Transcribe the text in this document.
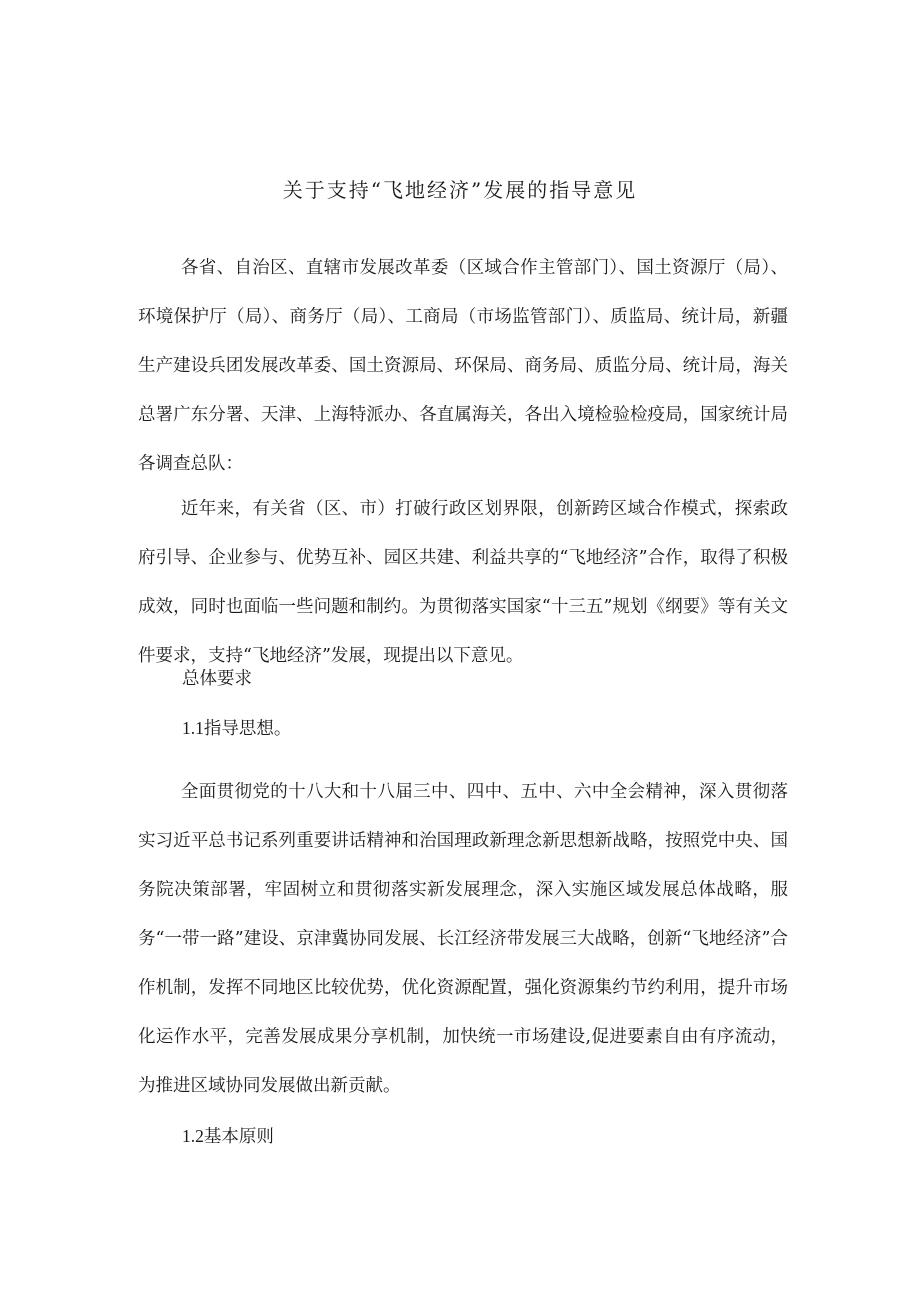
关于支持“飞地经济”发展的指导意见

各省、自治区、直辖市发展改革委（区域合作主管部门）、国土资源厅（局）、环境保护厅（局）、商务厅（局）、工商局（市场监管部门）、质监局、统计局，新疆生产建设兵团发展改革委、国土资源局、环保局、商务局、质监分局、统计局，海关总署广东分署、天津、上海特派办、各直属海关，各出入境检验检疫局，国家统计局各调查总队：

近年来，有关省（区、市）打破行政区划界限，创新跨区域合作模式，探索政府引导、企业参与、优势互补、园区共建、利益共享的“飞地经济”合作，取得了积极成效，同时也面临一些问题和制约。为贯彻落实国家“十三五”规划《纲要》等有关文件要求，支持“飞地经济”发展，现提出以下意见。

总体要求
1.1指导思想。

全面贯彻党的十八大和十八届三中、四中、五中、六中全会精神，深入贯彻落实习近平总书记系列重要讲话精神和治国理政新理念新思想新战略，按照党中央、国务院决策部署，牢固树立和贯彻落实新发展理念，深入实施区域发展总体战略，服务“一带一路”建设、京津冀协同发展、长江经济带发展三大战略，创新“飞地经济”合作机制，发挥不同地区比较优势，优化资源配置，强化资源集约节约利用，提升市场化运作水平，完善发展成果分享机制，加快统一市场建设,促进要素自由有序流动，为推进区域协同发展做出新贡献。

1.2基本原则
